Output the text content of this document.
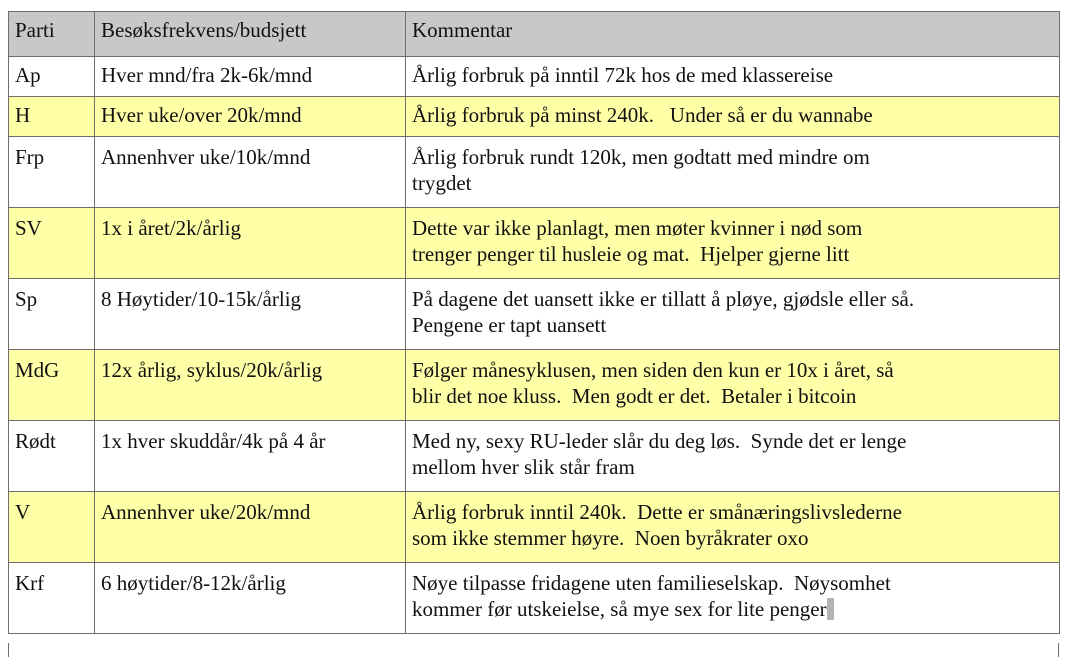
Parti	Besøksfrekvens/budsjett	Kommentar
Ap	Hver mnd/fra 2k-6k/mnd	Årlig forbruk på inntil 72k hos de med klassereise
H	Hver uke/over 20k/mnd	Årlig forbruk på minst 240k.   Under så er du wannabe
Frp	Annenhver uke/10k/mnd	Årlig forbruk rundt 120k, men godtatt med mindre om
trygdet

SV	1x i året/2k/årlig	Dette var ikke planlagt, men møter kvinner i nød som
trenger penger til husleie og mat.  Hjelper gjerne litt

Sp	8 Høytider/10-15k/årlig	På dagene det uansett ikke er tillatt å pløye, gjødsle eller så.
Pengene er tapt uansett

MdG	12x årlig, syklus/20k/årlig	Følger månesyklusen, men siden den kun er 10x i året, så
blir det noe kluss.  Men godt er det.  Betaler i bitcoin

Rødt	1x hver skuddår/4k på 4 år	Med ny, sexy RU-leder slår du deg løs.  Synde det er lenge
mellom hver slik står fram

V	Annenhver uke/20k/mnd	Årlig forbruk inntil 240k.  Dette er smånæringslivslederne
som ikke stemmer høyre.  Noen byråkrater oxo

Krf	6 høytider/8-12k/årlig	Nøye tilpasse fridagene uten familieselskap.  Nøysomhet
kommer før utskeielse, så mye sex for lite penger
